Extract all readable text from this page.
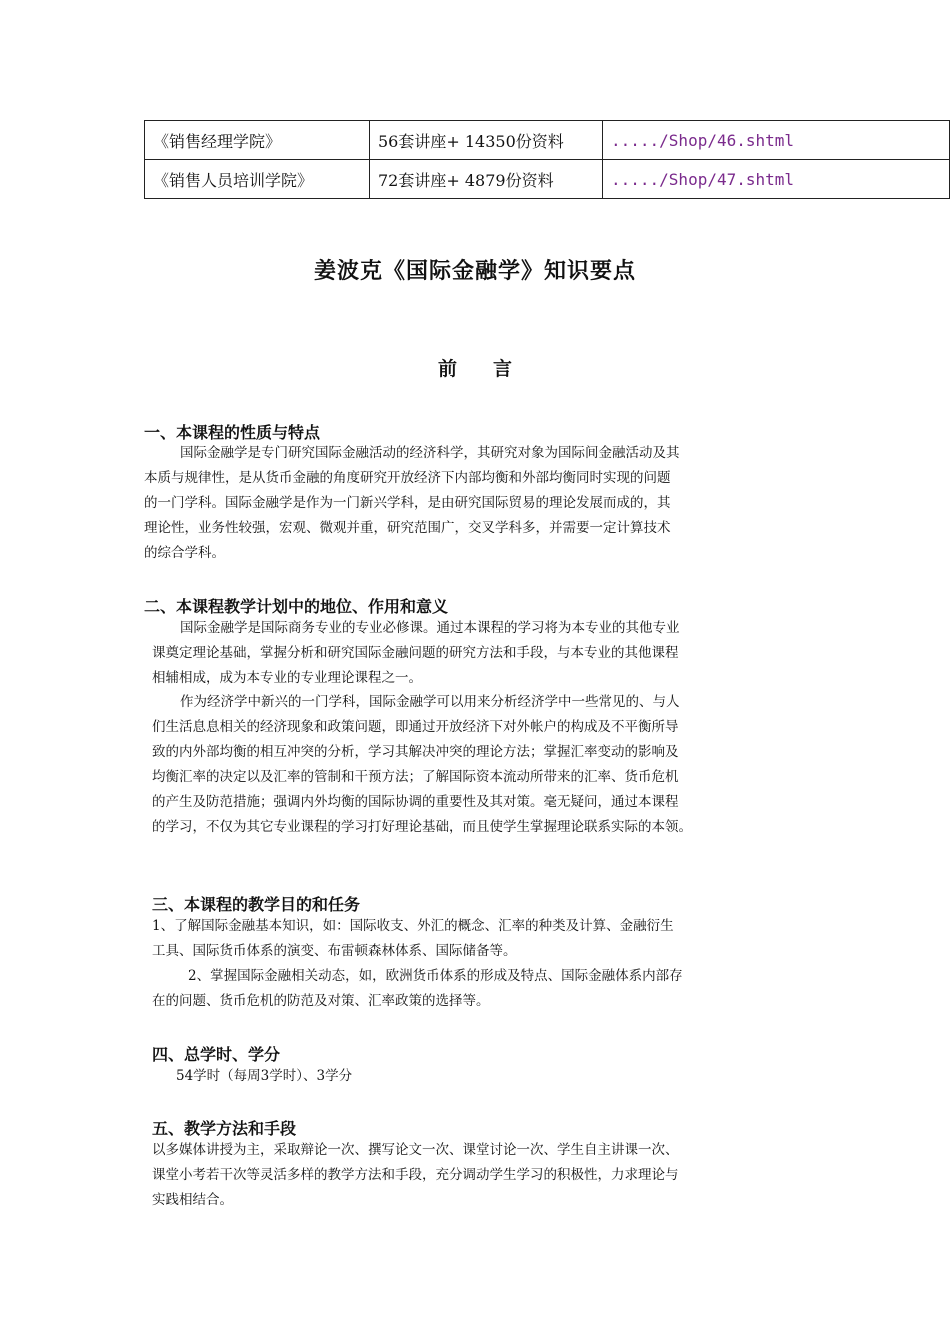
《销售经理学院》	56套讲座+ 14350份资料	...../Shop/46.shtml
《销售人员培训学院》	72套讲座+ 4879份资料	...../Shop/47.shtml
姜波克《国际金融学》知识要点
前 言
一、本课程的性质与特点
国际金融学是专门研究国际金融活动的经济科学，其研究对象为国际间金融活动及其
本质与规律性，是从货币金融的角度研究开放经济下内部均衡和外部均衡同时实现的问题
的一门学科。国际金融学是作为一门新兴学科，是由研究国际贸易的理论发展而成的，其
理论性，业务性较强，宏观、微观并重，研究范围广，交叉学科多，并需要一定计算技术
的综合学科。
二、本课程教学计划中的地位、作用和意义
国际金融学是国际商务专业的专业必修课。通过本课程的学习将为本专业的其他专业
课奠定理论基础，掌握分析和研究国际金融问题的研究方法和手段，与本专业的其他课程
相辅相成，成为本专业的专业理论课程之一。
作为经济学中新兴的一门学科，国际金融学可以用来分析经济学中一些常见的、与人
们生活息息相关的经济现象和政策问题，即通过开放经济下对外帐户的构成及不平衡所导
致的内外部均衡的相互冲突的分析，学习其解决冲突的理论方法；掌握汇率变动的影响及
均衡汇率的决定以及汇率的管制和干预方法；了解国际资本流动所带来的汇率、货币危机
的产生及防范措施；强调内外均衡的国际协调的重要性及其对策。毫无疑问，通过本课程
的学习，不仅为其它专业课程的学习打好理论基础，而且使学生掌握理论联系实际的本领。
三、本课程的教学目的和任务
1、了解国际金融基本知识，如：国际收支、外汇的概念、汇率的种类及计算、金融衍生
工具、国际货币体系的演变、布雷顿森林体系、国际储备等。
2、掌握国际金融相关动态，如，欧洲货币体系的形成及特点、国际金融体系内部存
在的问题、货币危机的防范及对策、汇率政策的选择等。
四、总学时、学分
54学时（每周3学时）、3学分
五、教学方法和手段
以多媒体讲授为主，采取辩论一次、撰写论文一次、课堂讨论一次、学生自主讲课一次、
课堂小考若干次等灵活多样的教学方法和手段，充分调动学生学习的积极性，力求理论与
实践相结合。
